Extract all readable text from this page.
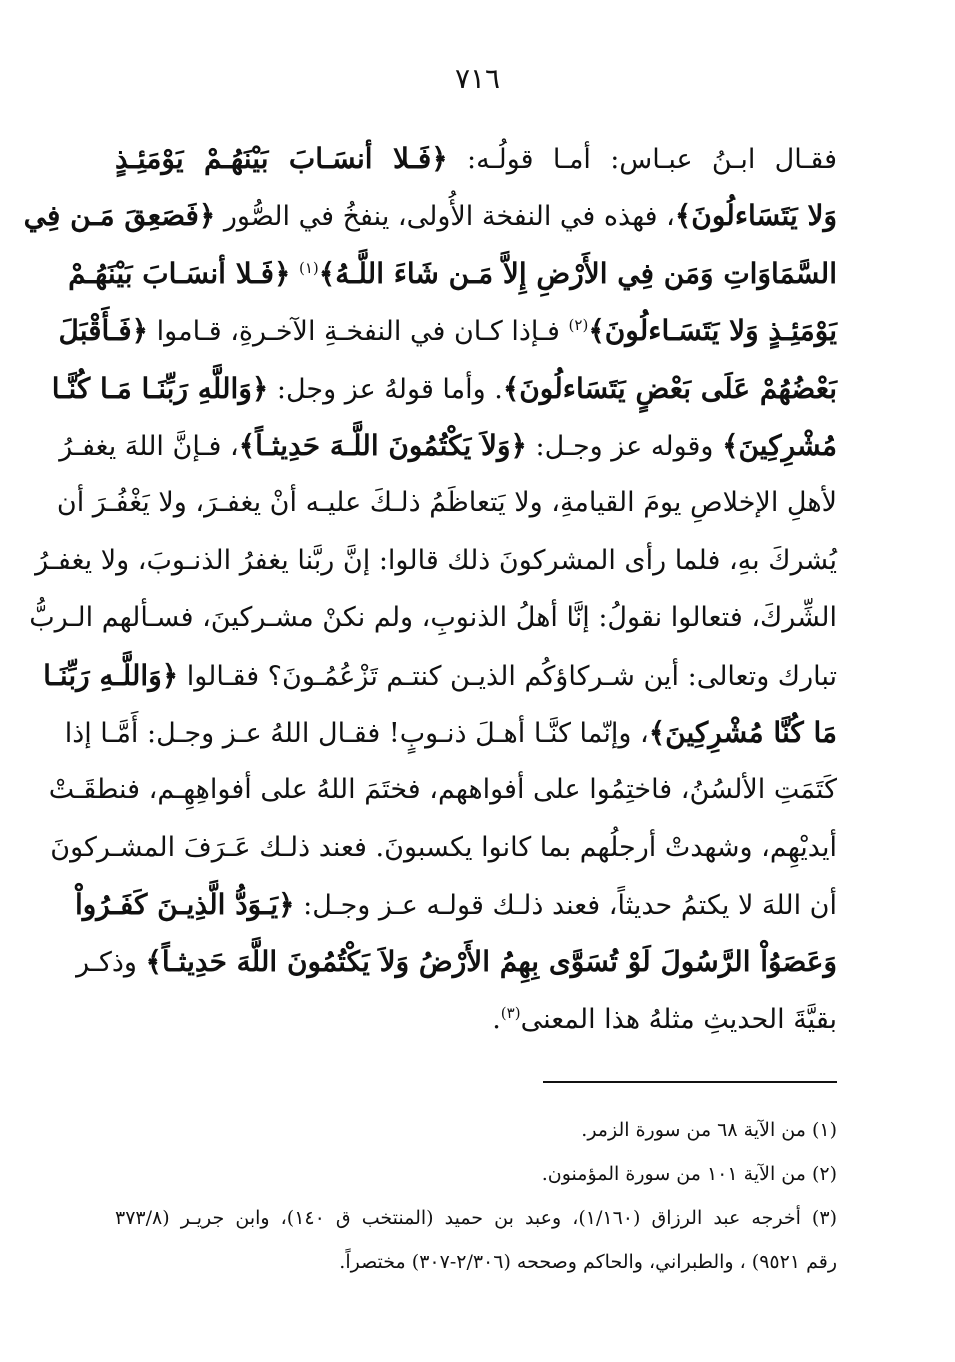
٧١٦
فقـال ابـنُ عبـاس: أمـا قولُـه: ﴿فَـلا أنسَـابَ بَيْنَهُـمْ يَوْمَئِـذٍ
وَلا يَتَسَاءلُونَ﴾، فهذه في النفخة الأُولى، ينفخُ في الصُّور ﴿فَصَعِقَ مَـن فِي
السَّمَاوَاتِ وَمَن فِي الأَرْضِ إِلاَّ مَـن شَاءَ اللَّـهُ﴾$^{(١)}$ ﴿فَـلا أنسَـابَ بَيْنَهُـمْ
يَوْمَئِـذٍ وَلا يَتَسَـاءلُونَ﴾$^{(٢)}$ فـإذا كـان في النفخـةِ الآخـرةِ، قـاموا ﴿فَـأَقْبَلَ
بَعْضُهُمْ عَلَى بَعْضٍ يَتَسَاءلُونَ﴾. وأما قولهُ عز وجل: ﴿وَاللَّهِ رَبِّنَـا مَـا كُنَّـا
مُشْرِكِينَ﴾ وقوله عز وجـل: ﴿وَلاَ يَكْتُمُونَ اللَّـهَ حَدِيثـاً﴾، فـإنَّ اللهَ يغفـرُ
لأهلِ الإخلاصِ يومَ القيامةِ، ولا يَتعاظَمُ ذلـكَ عليـه أنْ يغفـرَ، ولا يَغْفُـرَ أن
يُشركَ بهِ، فلما رأى المشركونَ ذلك قالوا: إنَّ ربَّنا يغفرُ الذنـوبَ، ولا يغفـرُ
الشِّركَ، فتعالوا نقولُ: إنَّا أهلُ الذنوبِ، ولم نكنْ مشـركينَ، فسـألهم الـربُّ
تبارك وتعالى: أين شـركاؤكُم الذيـن كنتـم تَزْعُمُـونَ؟ فقـالوا ﴿وَاللَّـهِ رَبِّنَـا
مَا كُنَّا مُشْرِكِينَ﴾، وإنّما كنَّـا أهـلَ ذنـوبٍ! فقـال اللهُ عـز وجـل: أَمَّـا إذا
كَتَمَتِ الألسُنُ، فاختِمُوا على أفواههم، فختَمَ اللهُ على أفواهِهِـم، فنطقَـتْ
أيديْهِم، وشهدتْ أرجلُهم بما كانوا يكسبونَ. فعند ذلـك عَـرَفَ المشـركونَ
أن اللهَ لا يكتمُ حديثاً، فعند ذلـك قولـه عـز وجـل: ﴿يَـوَدُّ الَّذِيـنَ كَفَـرُواْ
وَعَصَوُاْ الرَّسُولَ لَوْ تُسَوَّى بِهِمُ الأَرْضُ وَلاَ يَكْتُمُونَ اللَّهَ حَدِيثـاً﴾ وذكـر
بقيَّةَ الحديثِ مثلهُ هذا المعنى$^{(٣)}$.
(١) من الآية ٦٨ من سورة الزمر.
(٢) من الآية ١٠١ من سورة المؤمنون.
(٣) أخرجه عبد الرزاق (١/١٦٠)، وعبد بن حميد (المنتخب ق ١٤٠)، وابن جريـر (٣٧٣/٨
رقم ٩٥٢١) ، والطبراني، والحاكم وصححه (٢/٣٠٦-٣٠٧) مختصراً.
